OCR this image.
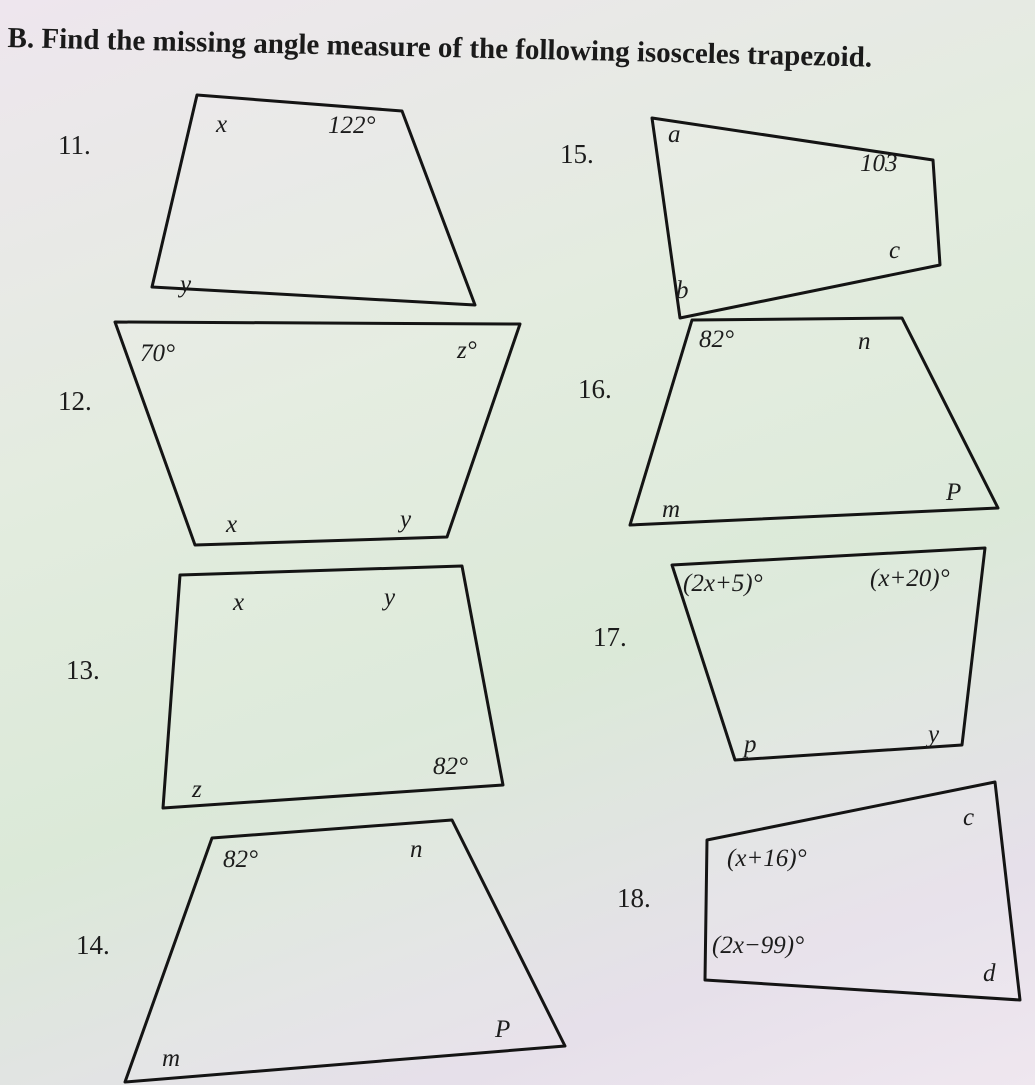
B. Find the missing angle measure of the following isosceles trapezoid.
11.
x	122°
y
12.
70°	z°
x	y
13.
x	y
z
82°
14.
82°	n
m
P
15.
a
103
b
c
16.
82°	n
m
P
17.
(2x+5)°	(x+20)°
p	y
18.
(x+16)°
c
(2x−99)°
d
